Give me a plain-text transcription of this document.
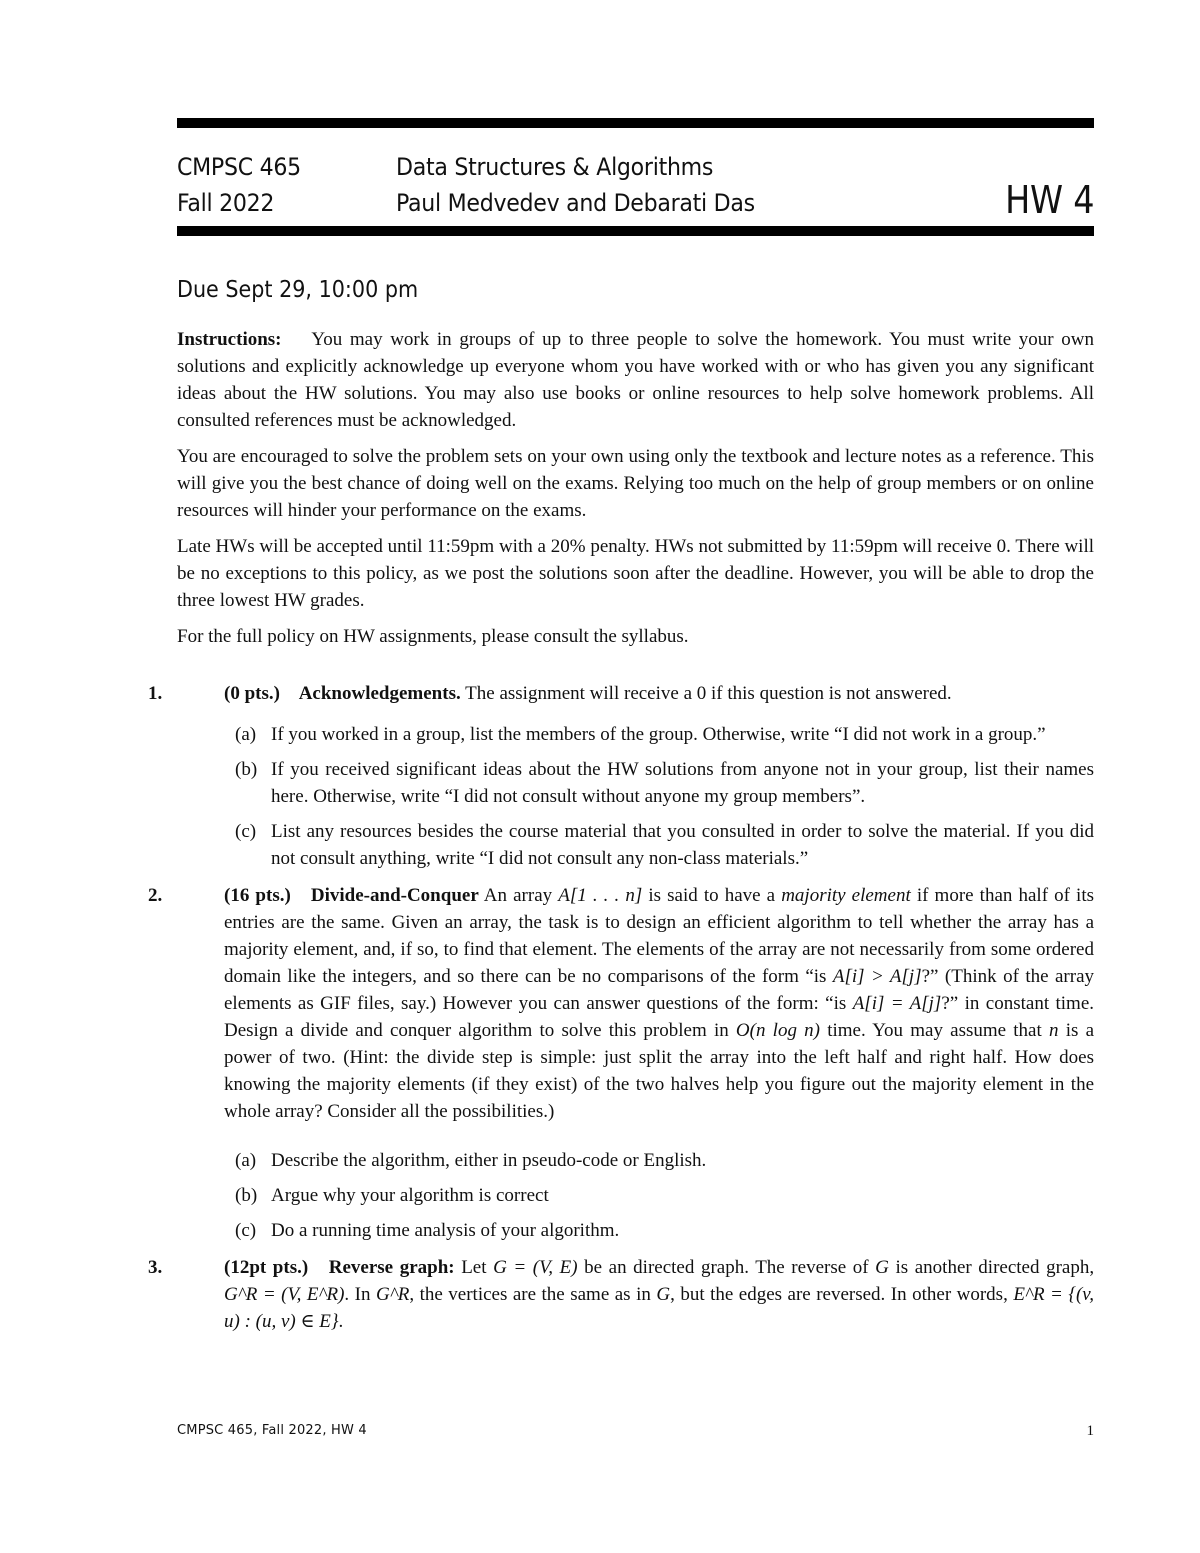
CMPSC 465
Fall 2022
Data Structures & Algorithms
Paul Medvedev and Debarati Das	HW 4
Due Sept 29, 10:00 pm

Instructions: You may work in groups of up to three people to solve the homework. You must write your own solutions and explicitly acknowledge up everyone whom you have worked with or who has given you any significant ideas about the HW solutions. You may also use books or online resources to help solve homework problems. All consulted references must be acknowledged.

You are encouraged to solve the problem sets on your own using only the textbook and lecture notes as a reference. This will give you the best chance of doing well on the exams. Relying too much on the help of group members or on online resources will hinder your performance on the exams.

Late HWs will be accepted until 11:59pm with a 20% penalty. HWs not submitted by 11:59pm will receive 0. There will be no exceptions to this policy, as we post the solutions soon after the deadline. However, you will be able to drop the three lowest HW grades.

For the full policy on HW assignments, please consult the syllabus.

1.	(0 pts.) Acknowledgements. The assignment will receive a 0 if this question is not answered.
(a) If you worked in a group, list the members of the group. Otherwise, write “I did not work in a group.”
(b) If you received significant ideas about the HW solutions from anyone not in your group, list their names here. Otherwise, write “I did not consult without anyone my group members”.
(c) List any resources besides the course material that you consulted in order to solve the material. If you did not consult anything, write “I did not consult any non-class materials.”
2.	(16 pts.) Divide-and-Conquer An array A[1 . . . n] is said to have a majority element if more than half of its entries are the same. Given an array, the task is to design an efficient algorithm to tell whether the array has a majority element, and, if so, to find that element. The elements of the array are not necessarily from some ordered domain like the integers, and so there can be no comparisons of the form “is A[i] > A[j]?” (Think of the array elements as GIF files, say.) However you can answer questions of the form: “is A[i] = A[j]?” in constant time. Design a divide and conquer algorithm to solve this problem in O(n log n) time. You may assume that n is a power of two. (Hint: the divide step is simple: just split the array into the left half and right half. How does knowing the majority elements (if they exist) of the two halves help you figure out the majority element in the whole array? Consider all the possibilities.)
(a) Describe the algorithm, either in pseudo-code or English.
(b) Argue why your algorithm is correct
(c) Do a running time analysis of your algorithm.
3.	(12pt pts.) Reverse graph: Let G = (V, E) be an directed graph. The reverse of G is another directed graph, G^R = (V, E^R). In G^R, the vertices are the same as in G, but the edges are reversed. In other words, E^R = {(v, u) : (u, v) ∈ E}.
CMPSC 465, Fall 2022, HW 4	1
